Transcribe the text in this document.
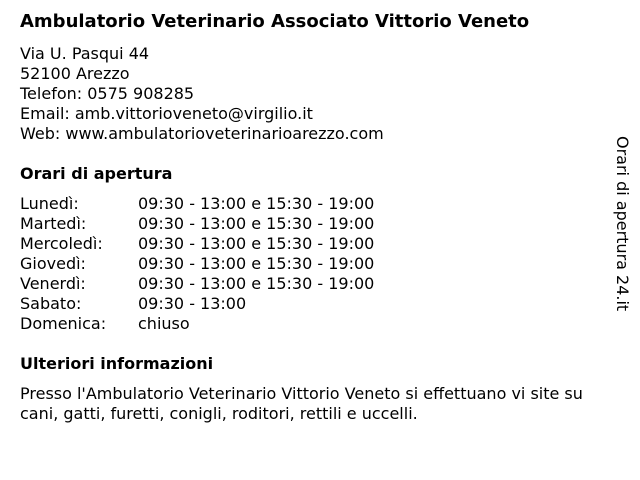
Ambulatorio Veterinario Associato Vittorio Veneto
Via U. Pasqui 44
52100 Arezzo
Telefon: 0575 908285
Email: amb.vittorioveneto@virgilio.it
Web: www.ambulatorioveterinarioarezzo.com
Orari di apertura
Lunedì:	09:30 - 13:00 e 15:30 - 19:00
Martedì:	09:30 - 13:00 e 15:30 - 19:00
Mercoledì: 09:30 - 13:00 e 15:30 - 19:00
Giovedì:	09:30 - 13:00 e 15:30 - 19:00
Venerdì:	09:30 - 13:00 e 15:30 - 19:00
Sabato:	09:30 - 13:00
Domenica: chiuso
Ulteriori informazioni
Presso l'Ambulatorio Veterinario Vittorio Veneto si effettuano vi site su cani, gatti, furetti, conigli, roditori, rettili e uccelli.
Orari di apertura 24.it
